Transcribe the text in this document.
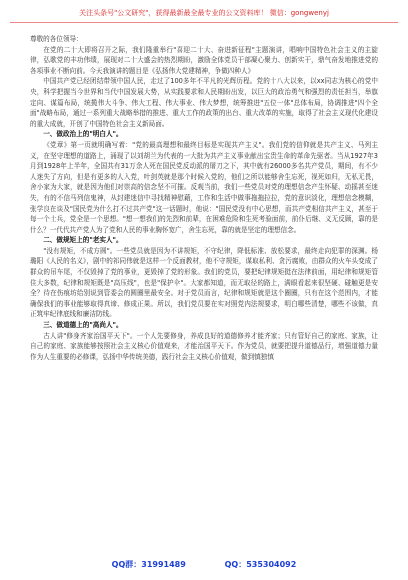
关注头条号"公文研究"，获得最新最全最专业的公文资料库！ 微信：gongwenyj

尊敬的各位领导：

在党的二十大即将召开之际，我们隆重举行"喜迎二十大、奋进新征程"主题演讲，唱响中国特色社会主义的主旋律，弘歌党的丰功伟绩，展现对二十大盛会的热烈期盼，激励全体党员干部凝心聚力、创新实干，鼎气奋发地推进党的各项事业不断向前。今天我演讲的题目是《弘扬伟大党建精神，争做四种人》

中国共产党已经团结带领中国人民，走过了100多年不平凡的光辉历程。党的十八大以来，以xx同志为核心的党中央，科学把握当今世界和当代中国发展大势，从实践要求和人民期盼出发，以巨大的政治勇气和强烈的责任担当，举旗定向、谋篇布局，统揽伟大斗争、伟大工程、伟大事业、伟大梦想，统筹推进"五位一体"总体布局，协调推进"四个全面"战略布局，通过一系列重大战略举措的推进、重大工作的政策的出台、重大改革的实施，取得了社会主义现代化建设的重大成就，开创了中国特色社会主义新局面。

一、做政治上的"明白人"。

《党章》第一页就明确写着："党的最高理想和最终目标是实现共产主义"。我们党的信仰就是共产主义、马列主义，在坚守理想的道路上，涌现了以刘胡兰为代表的一大批为共产主义事业献出宝贵生命的革命先驱者。当从1927年3月到1928年上半年，全国共有31万余人死在国民党反动派的屠刀之下，其中就有26000多名共产党员，期间，有不少人迷失了方向，但是有更多的人入党，叶剑英就是那个时候入党的，他们之所以能够舍生忘死，视死如归，无私无畏，舍小家为大家，就是因为他们对崇高的信念坚不可摧。反观当前，我们一些党员对党的理想信念产生怀疑、动摇甚至迷失，有的不信马列信鬼神，从封建迷信中寻找精神慰藉，工作和生活中做事拖拖拉拉，党的意识淡化，理想信念模糊，张学良在谈及"国民党为什么打不过共产党"这一话题时，他说："国民党没有中心思想，而共产党相信共产主义，甚至于每一个士兵，党全是一个思想。"想一想我们的先烈和前辈，在困难危险和生死考验面前，前仆后继、义无反顾，靠的是什么？一代代共产党人为了党和人民的事业胸怀宽广，舍生忘死，靠的就是坚定的理想信念。

二、做规矩上的"老实人"。

"没有规矩，不成方圆"。一些党员就是因为不讲规矩，不守纪律，降低标准、放松要求，最终走向犯罪的深渊。杨璐阳《人民的名义》，剧中的祁同伟就是这样一个反面教材，他不守规矩，谋取私利、贪污腐败，由群众的火车头变成了群众的吊车尾，不仅毁掉了党的事业，更毁掉了党的形象。我们的党员，要把纪律规矩挺在法律前面，用纪律和规矩管住大多数，纪律和规矩既是"高压线"，也是"保护伞"。大家都知道，而无取径的路上，满眼看起来很坚硬、碰触更是安全？待在伤痕坊给别说到管委会的圆圈里最安全。对于党员而言，纪律和规矩就是这个圈圈，只有在这个范围内，才能确保我们的事业能够取得真谛、修成正果。所以，我们党员要在实对照党内法规要求，明白哪些清楚，哪些不该做，真正筑牢纪律底线和廉洁防线。

三、做道德上的"高尚人"。

古人讲"修身齐家治国平天下"。一个人先要修身，养成良好的道德修养才能齐家；只有管好自己的家庭、家族，让自己的家庭、家族能够按照社会主义核心价值观来，才能治国平天下。作为党员，就要把提升道德品行，增强道德力量作为人生重要的必修课，弘扬中华传统美德，践行社会主义核心价值观，做到慎独慎

QQ群：31991489	QQ：535304092
